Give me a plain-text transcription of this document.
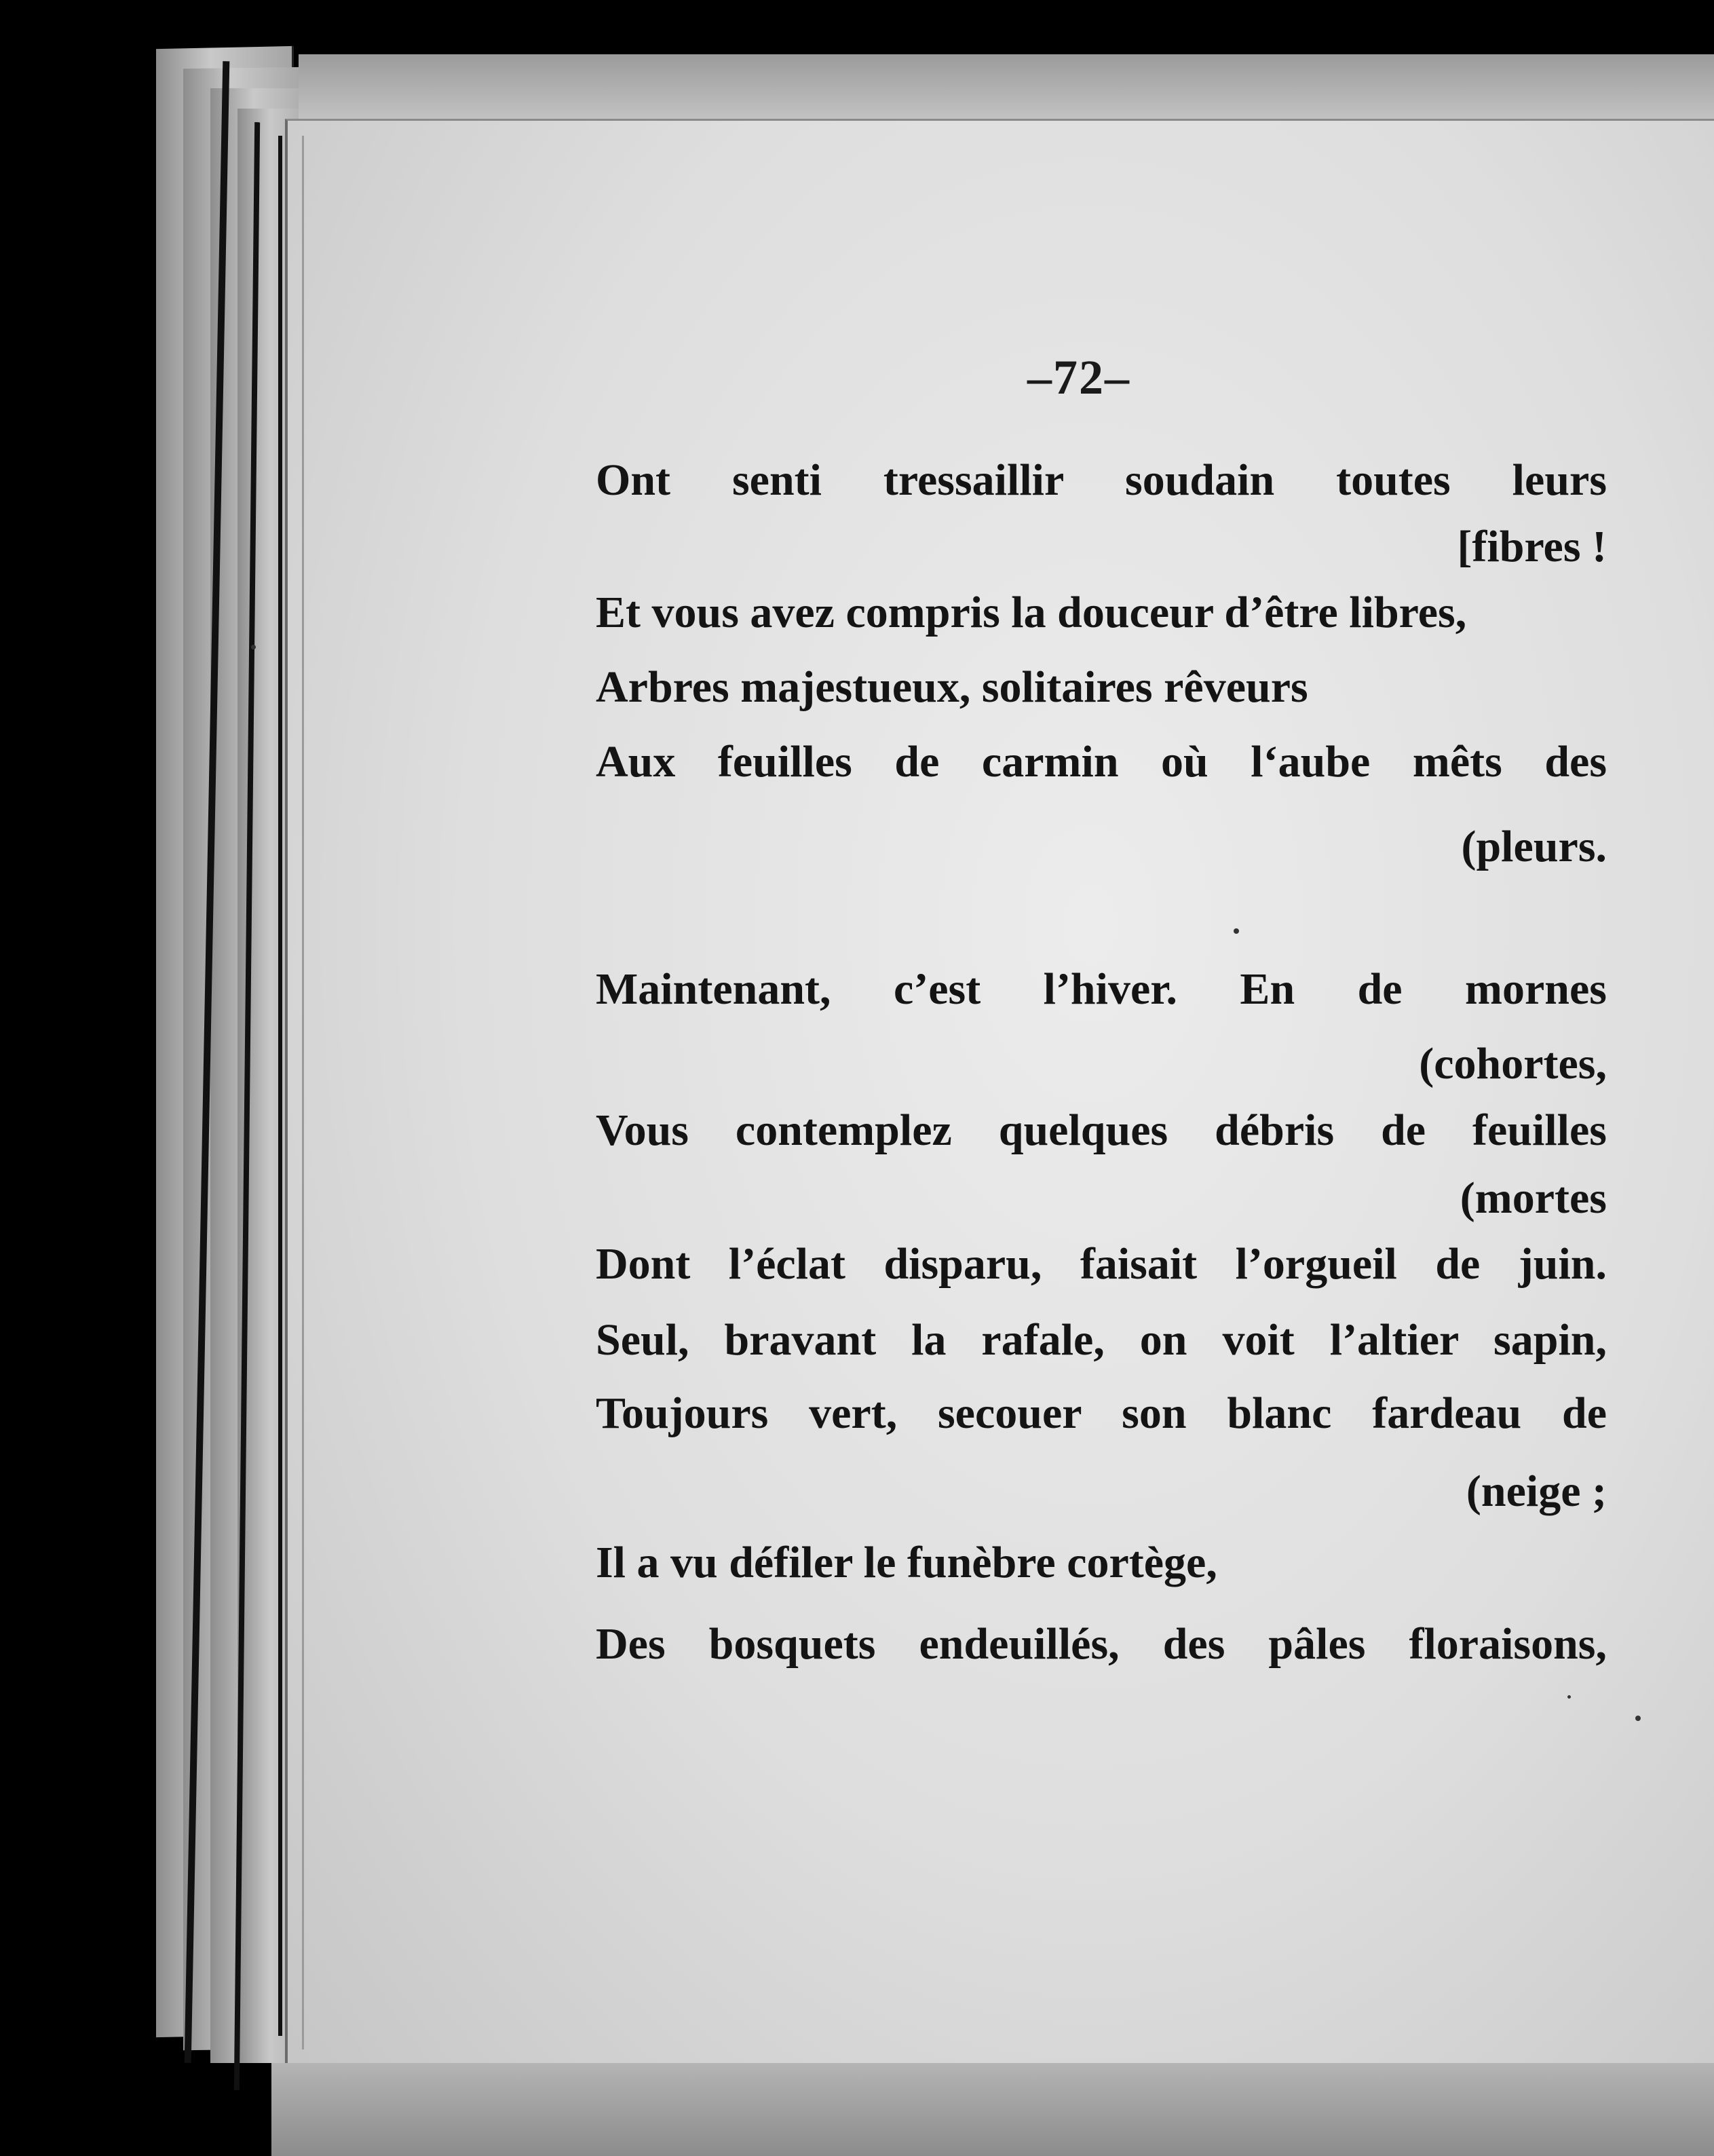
–72–
Ont senti tressaillir soudain toutes leurs
[fibres !
Et vous avez compris la douceur d’être libres,
Arbres majestueux, solitaires rêveurs
Aux feuilles de carmin où l‘aube mêts des
(pleurs.
Maintenant, c’est l’hiver. En de mornes
(cohortes,
Vous contemplez quelques débris de feuilles
(mortes
Dont l’éclat disparu, faisait l’orgueil de juin.
Seul, bravant la rafale, on voit l’altier sapin,
Toujours vert, secouer son blanc fardeau de
(neige ;
Il a vu défiler le funèbre cortège,
Des bosquets endeuillés, des pâles floraisons,
